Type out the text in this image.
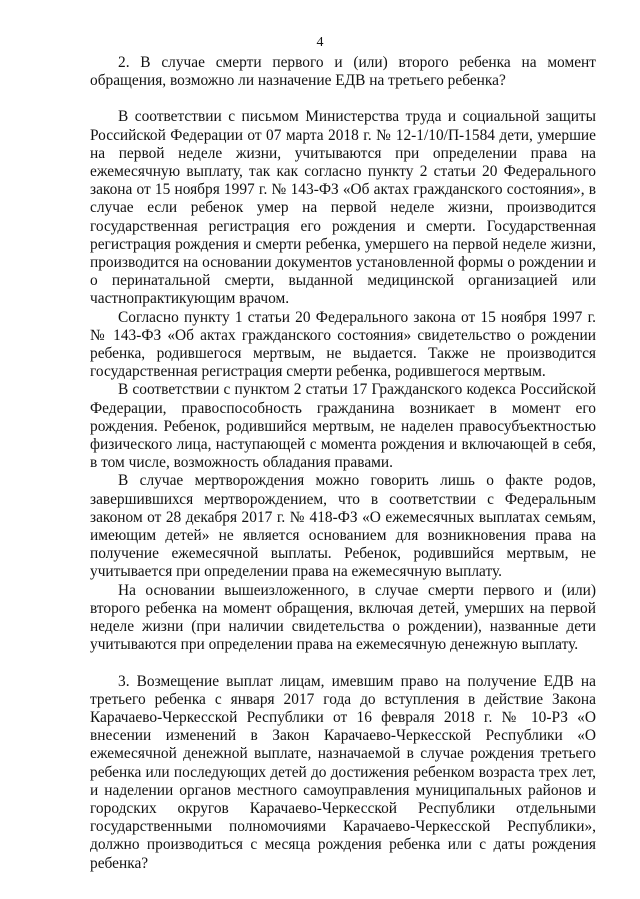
4

2. В случае смерти первого и (или) второго ребенка на момент обращения, возможно ли назначение ЕДВ на третьего ребенка?

В соответствии с письмом Министерства труда и социальной защиты Российской Федерации от 07 марта 2018 г. № 12-1/10/П-1584 дети, умершие на первой неделе жизни, учитываются при определении права на ежемесячную выплату, так как согласно пункту 2 статьи 20 Федерального закона от 15 ноября 1997 г. № 143-ФЗ «Об актах гражданского состояния», в случае если ребенок умер на первой неделе жизни, производится государственная регистрация его рождения и смерти. Государственная регистрация рождения и смерти ребенка, умершего на первой неделе жизни, производится на основании документов установленной формы о рождении и о перинатальной смерти, выданной медицинской организацией или частнопрактикующим врачом.

Согласно пункту 1 статьи 20 Федерального закона от 15 ноября 1997 г. № 143-ФЗ «Об актах гражданского состояния» свидетельство о рождении ребенка, родившегося мертвым, не выдается. Также не производится государственная регистрация смерти ребенка, родившегося мертвым.

В соответствии с пунктом 2 статьи 17 Гражданского кодекса Российской Федерации, правоспособность гражданина возникает в момент его рождения. Ребенок, родившийся мертвым, не наделен правосубъектностью физического лица, наступающей с момента рождения и включающей в себя, в том числе, возможность обладания правами.

В случае мертворождения можно говорить лишь о факте родов, завершившихся мертворождением, что в соответствии с Федеральным законом от 28 декабря 2017 г. № 418-ФЗ «О ежемесячных выплатах семьям, имеющим детей» не является основанием для возникновения права на получение ежемесячной выплаты. Ребенок, родившийся мертвым, не учитывается при определении права на ежемесячную выплату.

На основании вышеизложенного, в случае смерти первого и (или) второго ребенка на момент обращения, включая детей, умерших на первой неделе жизни (при наличии свидетельства о рождении), названные дети учитываются при определении права на ежемесячную денежную выплату.

3. Возмещение выплат лицам, имевшим право на получение ЕДВ на третьего ребенка с января 2017 года до вступления в действие Закона Карачаево-Черкесской Республики от 16 февраля 2018 г. № 10-РЗ «О внесении изменений в Закон Карачаево-Черкесской Республики «О ежемесячной денежной выплате, назначаемой в случае рождения третьего ребенка или последующих детей до достижения ребенком возраста трех лет, и наделении органов местного самоуправления муниципальных районов и городских округов Карачаево-Черкесской Республики отдельными государственными полномочиями Карачаево-Черкесской Республики», должно производиться с месяца рождения ребенка или с даты рождения ребенка?
